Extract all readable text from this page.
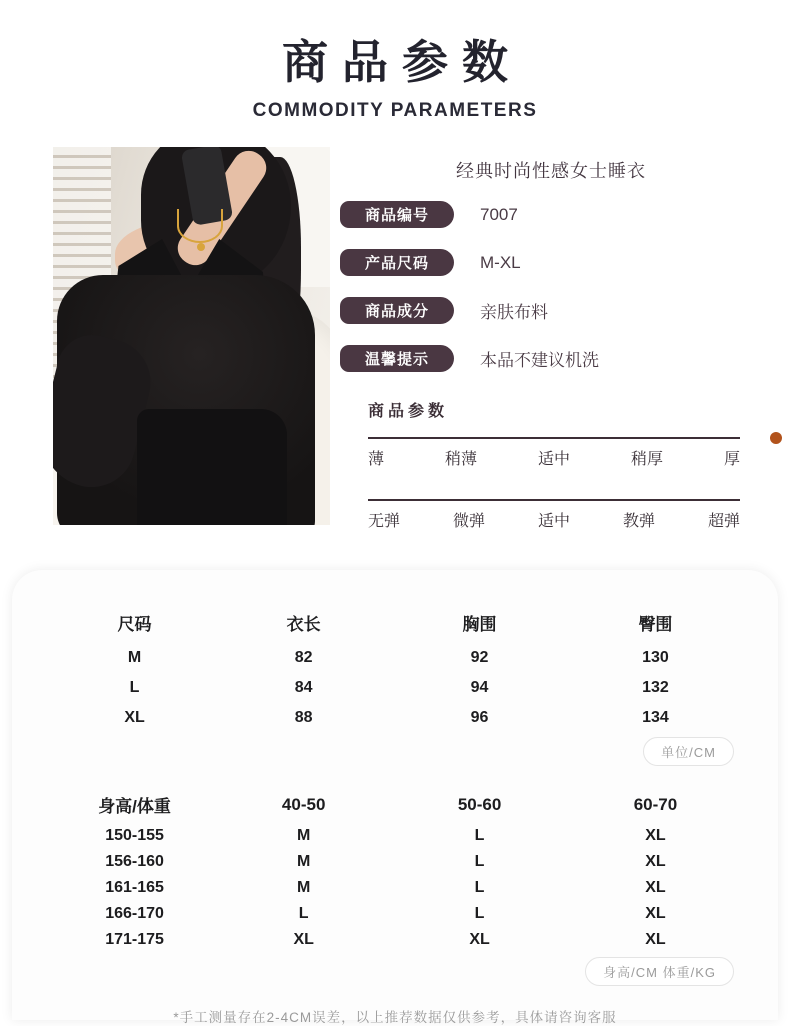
商品参数
COMMODITY PARAMETERS
经典时尚性感女士睡衣
商品编号	7007
产品尺码	M-XL
商品成分	亲肤布料
温馨提示	本品不建议机洗
商品参数
薄	稍薄	适中	稍厚	厚
无弹	微弹	适中	教弹	超弹
尺码	衣长	胸围	臀围
M	82	92	130
L	84	94	132
XL	88	96	134
单位/CM
身高/体重	40-50	50-60	60-70
150-155	M	L	XL
156-160	M	L	XL
161-165	M	L	XL
166-170	L	L	XL
171-175	XL	XL	XL
身高/CM 体重/KG
*手工测量存在2-4CM误差，以上推荐数据仅供参考，具体请咨询客服
